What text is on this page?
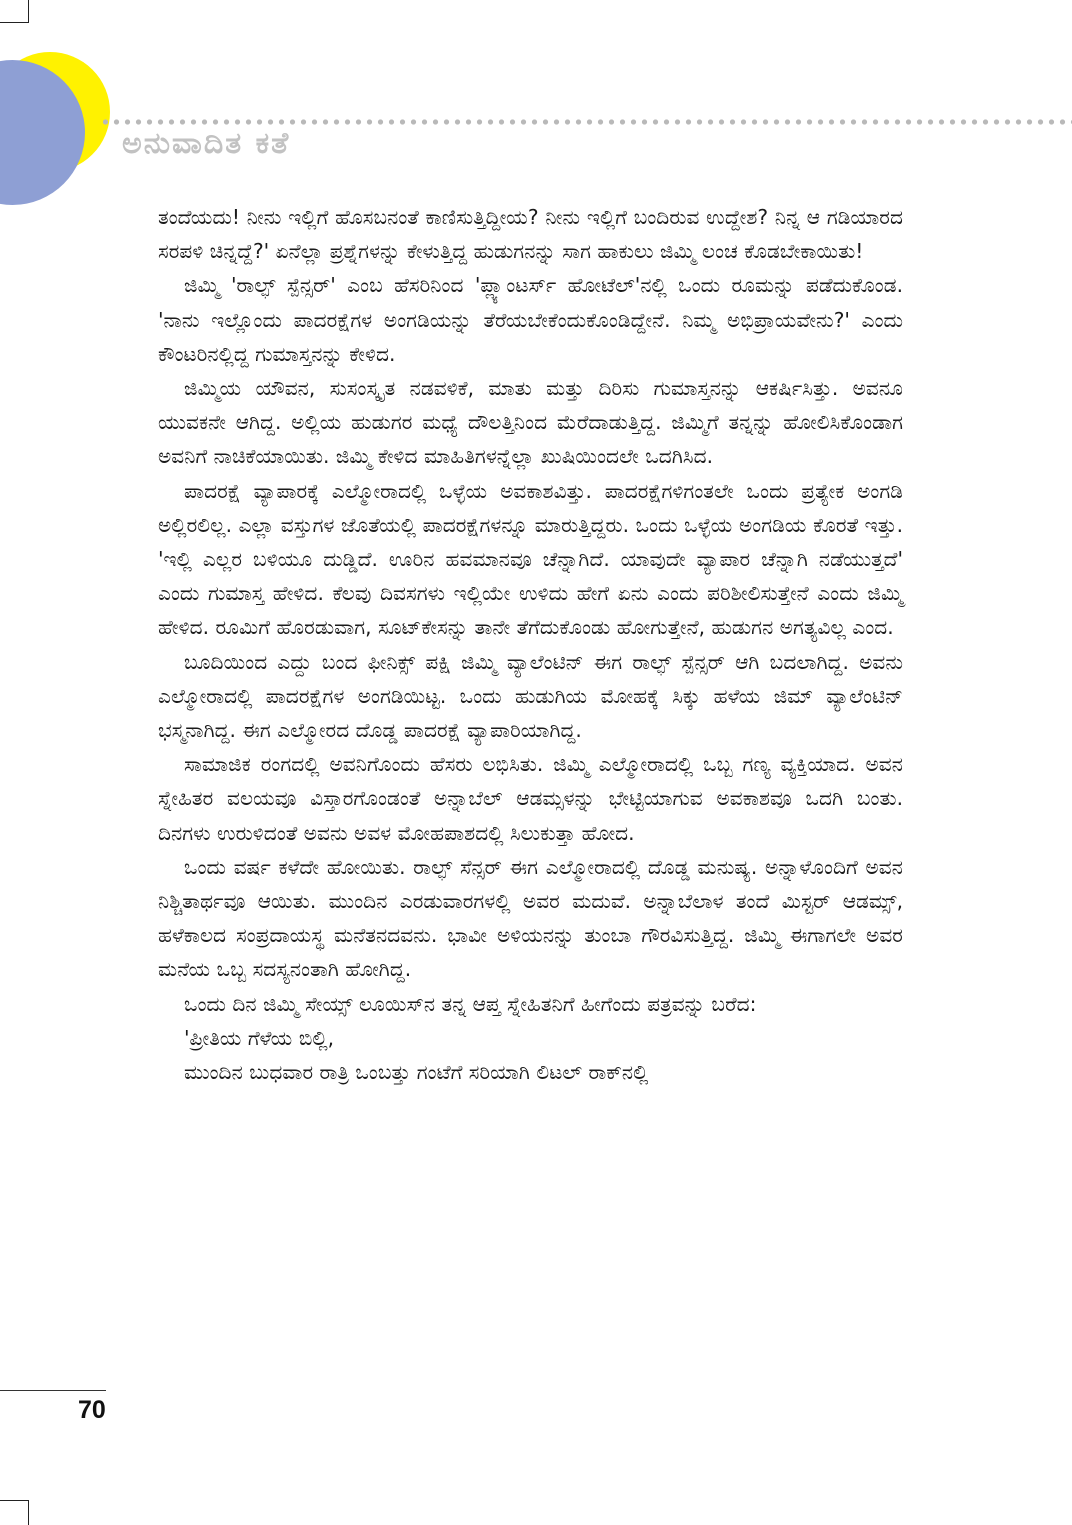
ಅನುವಾದಿತ ಕತೆ

ತಂದೆಯದು! ನೀನು ಇಲ್ಲಿಗೆ ಹೊಸಬನಂತೆ ಕಾಣಿಸುತ್ತಿದ್ದೀಯ? ನೀನು ಇಲ್ಲಿಗೆ ಬಂದಿರುವ ಉದ್ದೇಶ? ನಿನ್ನ ಆ ಗಡಿಯಾರದ ಸರಪಳಿ ಚಿನ್ನದ್ದೆ?' ಏನೆಲ್ಲಾ ಪ್ರಶ್ನೆಗಳನ್ನು ಕೇಳುತ್ತಿದ್ದ ಹುಡುಗನನ್ನು ಸಾಗ ಹಾಕುಲು ಜಿಮ್ಮಿ ಲಂಚ ಕೊಡಬೇಕಾಯಿತು!

ಜಿಮ್ಮಿ 'ರಾಲ್ಫ್ ಸ್ಪೆನ್ಸರ್' ಎಂಬ ಹೆಸರಿನಿಂದ 'ಪ್ಲ್ಯಾಂಟರ್ಸ್ ಹೋಟೆಲ್'ನಲ್ಲಿ ಒಂದು ರೂಮನ್ನು ಪಡೆದುಕೊಂಡ. 'ನಾನು ಇಲ್ಲೊಂದು ಪಾದರಕ್ಷೆಗಳ ಅಂಗಡಿಯನ್ನು ತೆರೆಯಬೇಕೆಂದುಕೊಂಡಿದ್ದೇನೆ. ನಿಮ್ಮ ಅಭಿಪ್ರಾಯವೇನು?' ಎಂದು ಕೌಂಟರಿನಲ್ಲಿದ್ದ ಗುಮಾಸ್ತನನ್ನು ಕೇಳಿದ.

ಜಿಮ್ಮಿಯ ಯೌವನ, ಸುಸಂಸ್ಕೃತ ನಡವಳಿಕೆ, ಮಾತು ಮತ್ತು ದಿರಿಸು ಗುಮಾಸ್ತನನ್ನು ಆಕರ್ಷಿಸಿತ್ತು. ಅವನೂ ಯುವಕನೇ ಆಗಿದ್ದ. ಅಲ್ಲಿಯ ಹುಡುಗರ ಮಧ್ಯೆ ದೌಲತ್ತಿನಿಂದ ಮೆರೆದಾಡುತ್ತಿದ್ದ. ಜಿಮ್ಮಿಗೆ ತನ್ನನ್ನು ಹೋಲಿಸಿಕೊಂಡಾಗ ಅವನಿಗೆ ನಾಚಿಕೆಯಾಯಿತು. ಜಿಮ್ಮಿ ಕೇಳಿದ ಮಾಹಿತಿಗಳನ್ನೆಲ್ಲಾ ಖುಷಿಯಿಂದಲೇ ಒದಗಿಸಿದ.

ಪಾದರಕ್ಷೆ ವ್ಯಾಪಾರಕ್ಕೆ ಎಲ್ಮೋರಾದಲ್ಲಿ ಒಳ್ಳೆಯ ಅವಕಾಶವಿತ್ತು. ಪಾದರಕ್ಷೆಗಳಿಗಂತಲೇ ಒಂದು ಪ್ರತ್ಯೇಕ ಅಂಗಡಿ ಅಲ್ಲಿರಲಿಲ್ಲ. ಎಲ್ಲಾ ವಸ್ತುಗಳ ಜೊತೆಯಲ್ಲಿ ಪಾದರಕ್ಷೆಗಳನ್ನೂ ಮಾರುತ್ತಿದ್ದರು. ಒಂದು ಒಳ್ಳೆಯ ಅಂಗಡಿಯ ಕೊರತೆ ಇತ್ತು. 'ಇಲ್ಲಿ ಎಲ್ಲರ ಬಳಿಯೂ ದುಡ್ಡಿದೆ. ಊರಿನ ಹವಮಾನವೂ ಚೆನ್ನಾಗಿದೆ. ಯಾವುದೇ ವ್ಯಾಪಾರ ಚೆನ್ನಾಗಿ ನಡೆಯುತ್ತದೆ' ಎಂದು ಗುಮಾಸ್ತ ಹೇಳಿದ. ಕೆಲವು ದಿವಸಗಳು ಇಲ್ಲಿಯೇ ಉಳಿದು ಹೇಗೆ ಏನು ಎಂದು ಪರಿಶೀಲಿಸುತ್ತೇನೆ ಎಂದು ಜಿಮ್ಮಿ ಹೇಳಿದ. ರೂಮಿಗೆ ಹೊರಡುವಾಗ, ಸೂಟ್‌ಕೇಸನ್ನು ತಾನೇ ತೆಗೆದುಕೊಂಡು ಹೋಗುತ್ತೇನೆ, ಹುಡುಗನ ಅಗತ್ಯವಿಲ್ಲ ಎಂದ.

ಬೂದಿಯಿಂದ ಎದ್ದು ಬಂದ ಫೀನಿಕ್ಸ್ ಪಕ್ಷಿ ಜಿಮ್ಮಿ ವ್ಯಾಲೆಂಟಿನ್ ಈಗ ರಾಲ್ಫ್ ಸ್ಪೆನ್ಸರ್ ಆಗಿ ಬದಲಾಗಿದ್ದ. ಅವನು ಎಲ್ಮೋರಾದಲ್ಲಿ ಪಾದರಕ್ಷೆಗಳ ಅಂಗಡಿಯಿಟ್ಟ. ಒಂದು ಹುಡುಗಿಯ ಮೋಹಕ್ಕೆ ಸಿಕ್ಕು ಹಳೆಯ ಜಿಮ್ ವ್ಯಾಲೆಂಟಿನ್ ಭಸ್ಮನಾಗಿದ್ದ. ಈಗ ಎಲ್ಮೋರದ ದೊಡ್ಡ ಪಾದರಕ್ಷೆ ವ್ಯಾಪಾರಿಯಾಗಿದ್ದ.

ಸಾಮಾಜಿಕ ರಂಗದಲ್ಲಿ ಅವನಿಗೊಂದು ಹೆಸರು ಲಭಿಸಿತು. ಜಿಮ್ಮಿ ಎಲ್ಮೋರಾದಲ್ಲಿ ಒಬ್ಬ ಗಣ್ಯ ವ್ಯಕ್ತಿಯಾದ. ಅವನ ಸ್ನೇಹಿತರ ವಲಯವೂ ವಿಸ್ತಾರಗೊಂಡಂತೆ ಅನ್ನಾಬೆಲ್ ಆಡಮ್ಸಳನ್ನು ಭೇಟ್ಟಿಯಾಗುವ ಅವಕಾಶವೂ ಒದಗಿ ಬಂತು. ದಿನಗಳು ಉರುಳಿದಂತೆ ಅವನು ಅವಳ ಮೋಹಪಾಶದಲ್ಲಿ ಸಿಲುಕುತ್ತಾ ಹೋದ.

ಒಂದು ವರ್ಷ ಕಳೆದೇ ಹೋಯಿತು. ರಾಲ್ಫ್ ಸೆನ್ಸರ್ ಈಗ ಎಲ್ಮೋರಾದಲ್ಲಿ ದೊಡ್ಡ ಮನುಷ್ಯ. ಅನ್ನಾಳೊಂದಿಗೆ ಅವನ ನಿಶ್ಚಿತಾರ್ಥವೂ ಆಯಿತು. ಮುಂದಿನ ಎರಡುವಾರಗಳಲ್ಲಿ ಅವರ ಮದುವೆ. ಅನ್ನಾಬೆಲಾಳ ತಂದೆ ಮಿಸ್ಟರ್ ಆಡಮ್ಸ್, ಹಳೆಕಾಲದ ಸಂಪ್ರದಾಯಸ್ಥ ಮನೆತನದವನು. ಭಾವೀ ಅಳಿಯನನ್ನು ತುಂಬಾ ಗೌರವಿಸುತ್ತಿದ್ದ. ಜಿಮ್ಮಿ ಈಗಾಗಲೇ ಅವರ ಮನೆಯ ಒಬ್ಬ ಸದಸ್ಯನಂತಾಗಿ ಹೋಗಿದ್ದ.

ಒಂದು ದಿನ ಜಿಮ್ಮಿ ಸೇಯ್ಸ್ ಲೂಯಿಸ್‌ನ ತನ್ನ ಆಪ್ತ ಸ್ನೇಹಿತನಿಗೆ ಹೀಗೆಂದು ಪತ್ರವನ್ನು ಬರೆದ:

'ಪ್ರೀತಿಯ ಗೆಳೆಯ ಬಿಲ್ಲಿ,

ಮುಂದಿನ ಬುಧವಾರ ರಾತ್ರಿ ಒಂಬತ್ತು ಗಂಟೆಗೆ ಸರಿಯಾಗಿ ಲಿಟಲ್ ರಾಕ್‌ನಲ್ಲಿ

70
